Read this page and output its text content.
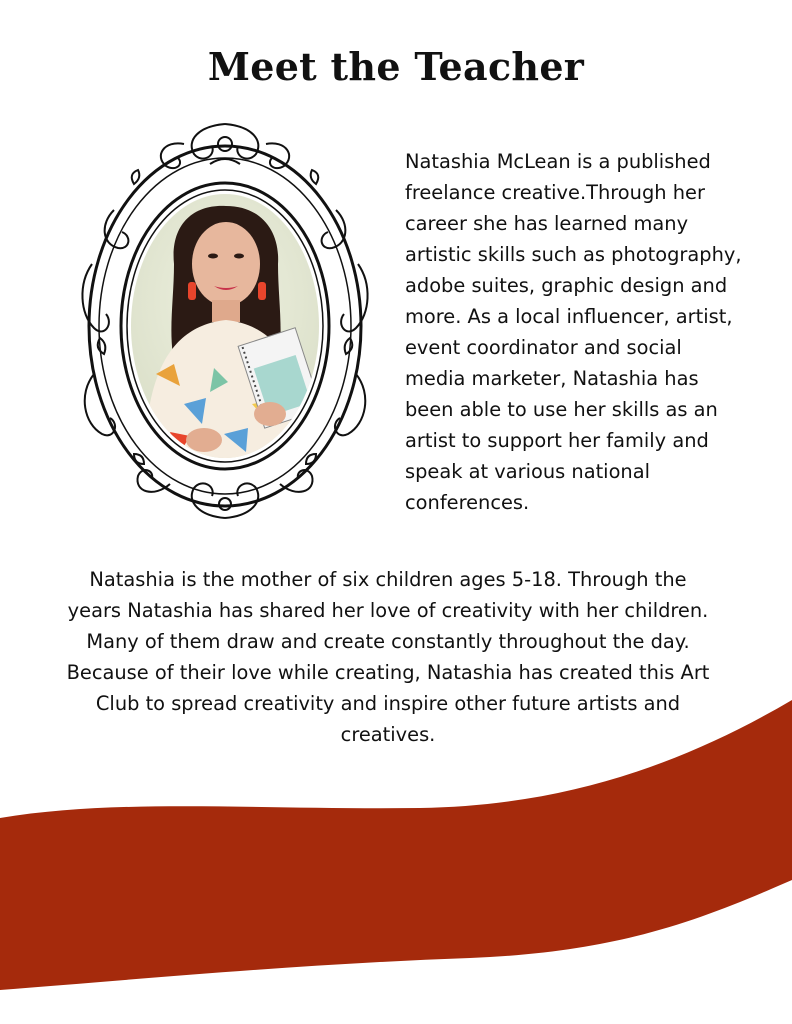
Meet the Teacher

Natashia McLean is a published freelance creative.Through her career she has learned many artistic skills such as photography, adobe suites, graphic design and more. As a local influencer, artist, event coordinator and social media marketer, Natashia has been able to use her skills as an artist to support her family and speak at various national conferences.

Natashia is the mother of six children ages 5-18. Through the years Natashia has shared her love of creativity with her children. Many of them draw and create constantly throughout the day. Because of their love while creating, Natashia has created this Art Club to spread creativity and inspire other future artists and creatives.
